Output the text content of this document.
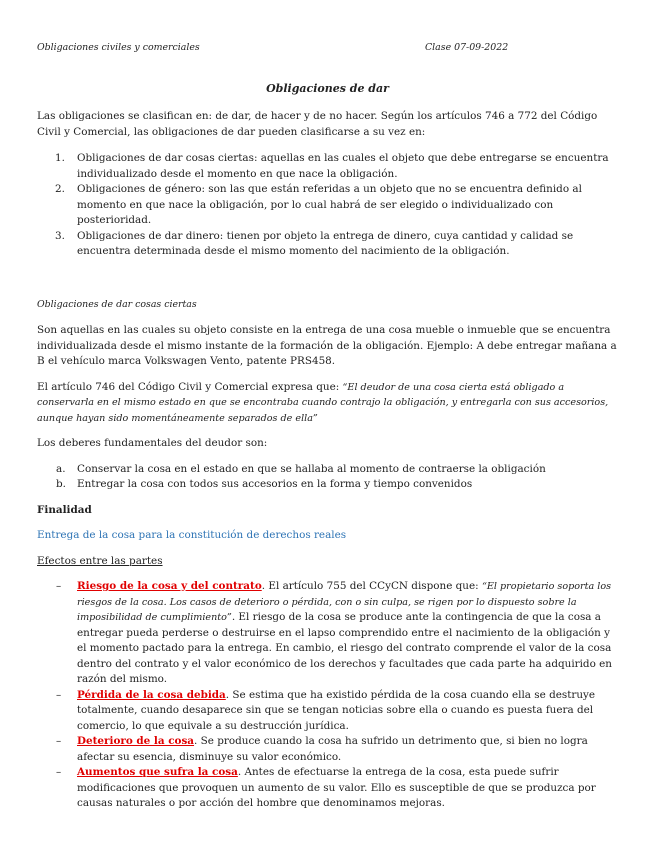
Obligaciones civiles y comerciales	Clase 07-09-2022
Obligaciones de dar

Las obligaciones se clasifican en: de dar, de hacer y de no hacer. Según los artículos 746 a 772 del Código Civil y Comercial, las obligaciones de dar pueden clasificarse a su vez en:

1. Obligaciones de dar cosas ciertas: aquellas en las cuales el objeto que debe entregarse se encuentra individualizado desde el momento en que nace la obligación.
2. Obligaciones de género: son las que están referidas a un objeto que no se encuentra definido al momento en que nace la obligación, por lo cual habrá de ser elegido o individualizado con posterioridad.
3. Obligaciones de dar dinero: tienen por objeto la entrega de dinero, cuya cantidad y calidad se encuentra determinada desde el mismo momento del nacimiento de la obligación.

Obligaciones de dar cosas ciertas

Son aquellas en las cuales su objeto consiste en la entrega de una cosa mueble o inmueble que se encuentra individualizada desde el mismo instante de la formación de la obligación. Ejemplo: A debe entregar mañana a B el vehículo marca Volkswagen Vento, patente PRS458.

El artículo 746 del Código Civil y Comercial expresa que: “El deudor de una cosa cierta está obligado a conservarla en el mismo estado en que se encontraba cuando contrajo la obligación, y entregarla con sus accesorios, aunque hayan sido momentáneamente separados de ella”

Los deberes fundamentales del deudor son:

a. Conservar la cosa en el estado en que se hallaba al momento de contraerse la obligación
b. Entregar la cosa con todos sus accesorios en la forma y tiempo convenidos

Finalidad

Entrega de la cosa para la constitución de derechos reales

Efectos entre las partes

– Riesgo de la cosa y del contrato. El artículo 755 del CCyCN dispone que: “El propietario soporta los riesgos de la cosa. Los casos de deterioro o pérdida, con o sin culpa, se rigen por lo dispuesto sobre la imposibilidad de cumplimiento”. El riesgo de la cosa se produce ante la contingencia de que la cosa a entregar pueda perderse o destruirse en el lapso comprendido entre el nacimiento de la obligación y el momento pactado para la entrega. En cambio, el riesgo del contrato comprende el valor de la cosa dentro del contrato y el valor económico de los derechos y facultades que cada parte ha adquirido en razón del mismo.
– Pérdida de la cosa debida. Se estima que ha existido pérdida de la cosa cuando ella se destruye totalmente, cuando desaparece sin que se tengan noticias sobre ella o cuando es puesta fuera del comercio, lo que equivale a su destrucción jurídica.
– Deterioro de la cosa. Se produce cuando la cosa ha sufrido un detrimento que, si bien no logra afectar su esencia, disminuye su valor económico.
– Aumentos que sufra la cosa. Antes de efectuarse la entrega de la cosa, esta puede sufrir modificaciones que provoquen un aumento de su valor. Ello es susceptible de que se produzca por causas naturales o por acción del hombre que denominamos mejoras.
